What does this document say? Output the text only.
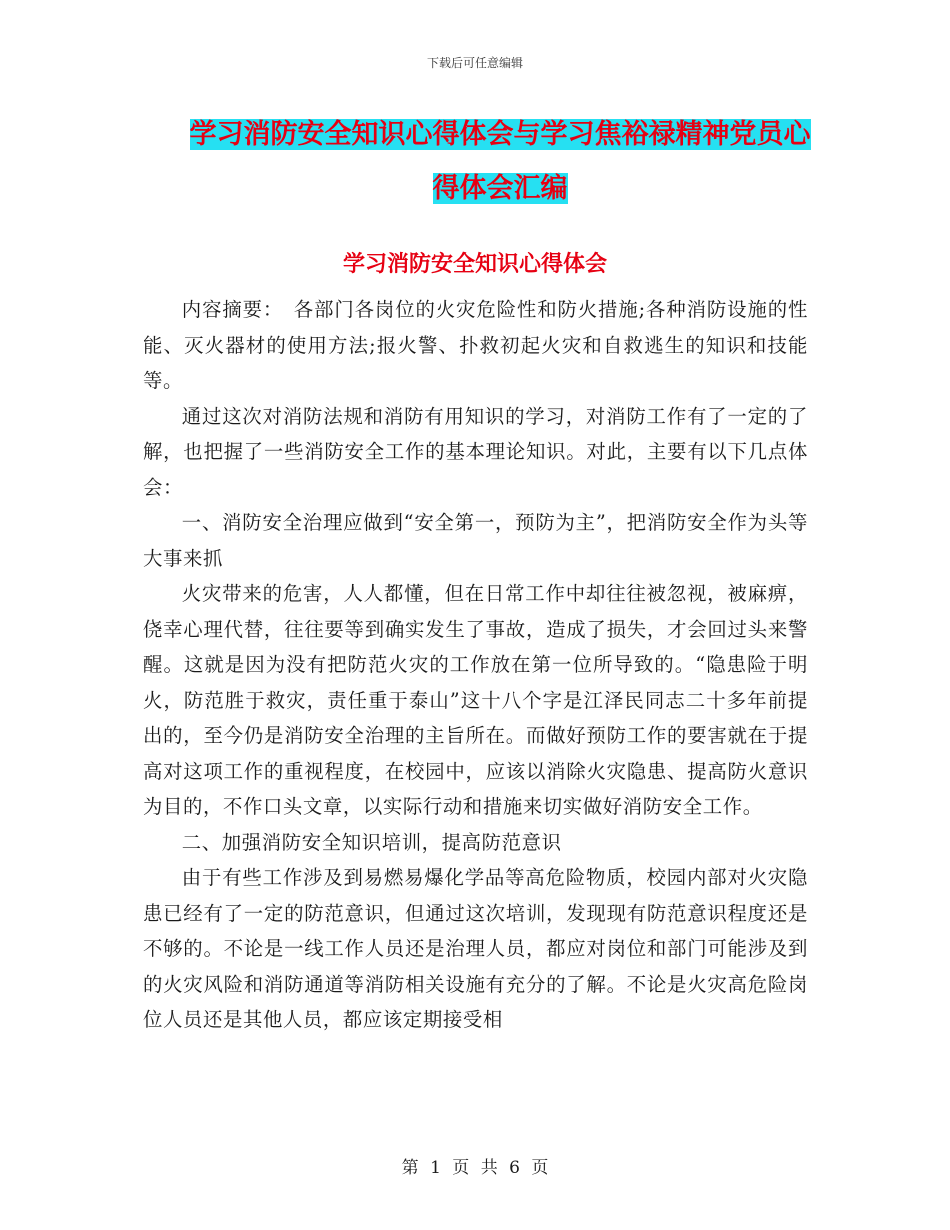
下载后可任意编辑
学习消防安全知识心得体会与学习焦裕禄精神党员心
得体会汇编
学习消防安全知识心得体会

内容摘要：　各部门各岗位的火灾危险性和防火措施;各种消防设施的性能、灭火器材的使用方法;报火警、扑救初起火灾和自救逃生的知识和技能等。

通过这次对消防法规和消防有用知识的学习，对消防工作有了一定的了解，也把握了一些消防安全工作的基本理论知识。对此，主要有以下几点体会：

一、消防安全治理应做到“安全第一，预防为主”，把消防安全作为头等大事来抓

火灾带来的危害，人人都懂，但在日常工作中却往往被忽视，被麻痹，侥幸心理代替，往往要等到确实发生了事故，造成了损失，才会回过头来警醒。这就是因为没有把防范火灾的工作放在第一位所导致的。“隐患险于明火，防范胜于救灾，责任重于泰山”这十八个字是江泽民同志二十多年前提出的，至今仍是消防安全治理的主旨所在。而做好预防工作的要害就在于提高对这项工作的重视程度，在校园中，应该以消除火灾隐患、提高防火意识为目的，不作口头文章，以实际行动和措施来切实做好消防安全工作。

二、加强消防安全知识培训，提高防范意识

由于有些工作涉及到易燃易爆化学品等高危险物质，校园内部对火灾隐患已经有了一定的防范意识，但通过这次培训，发现现有防范意识程度还是不够的。不论是一线工作人员还是治理人员，都应对岗位和部门可能涉及到的火灾风险和消防通道等消防相关设施有充分的了解。不论是火灾高危险岗位人员还是其他人员，都应该定期接受相

第 1 页 共 6 页
